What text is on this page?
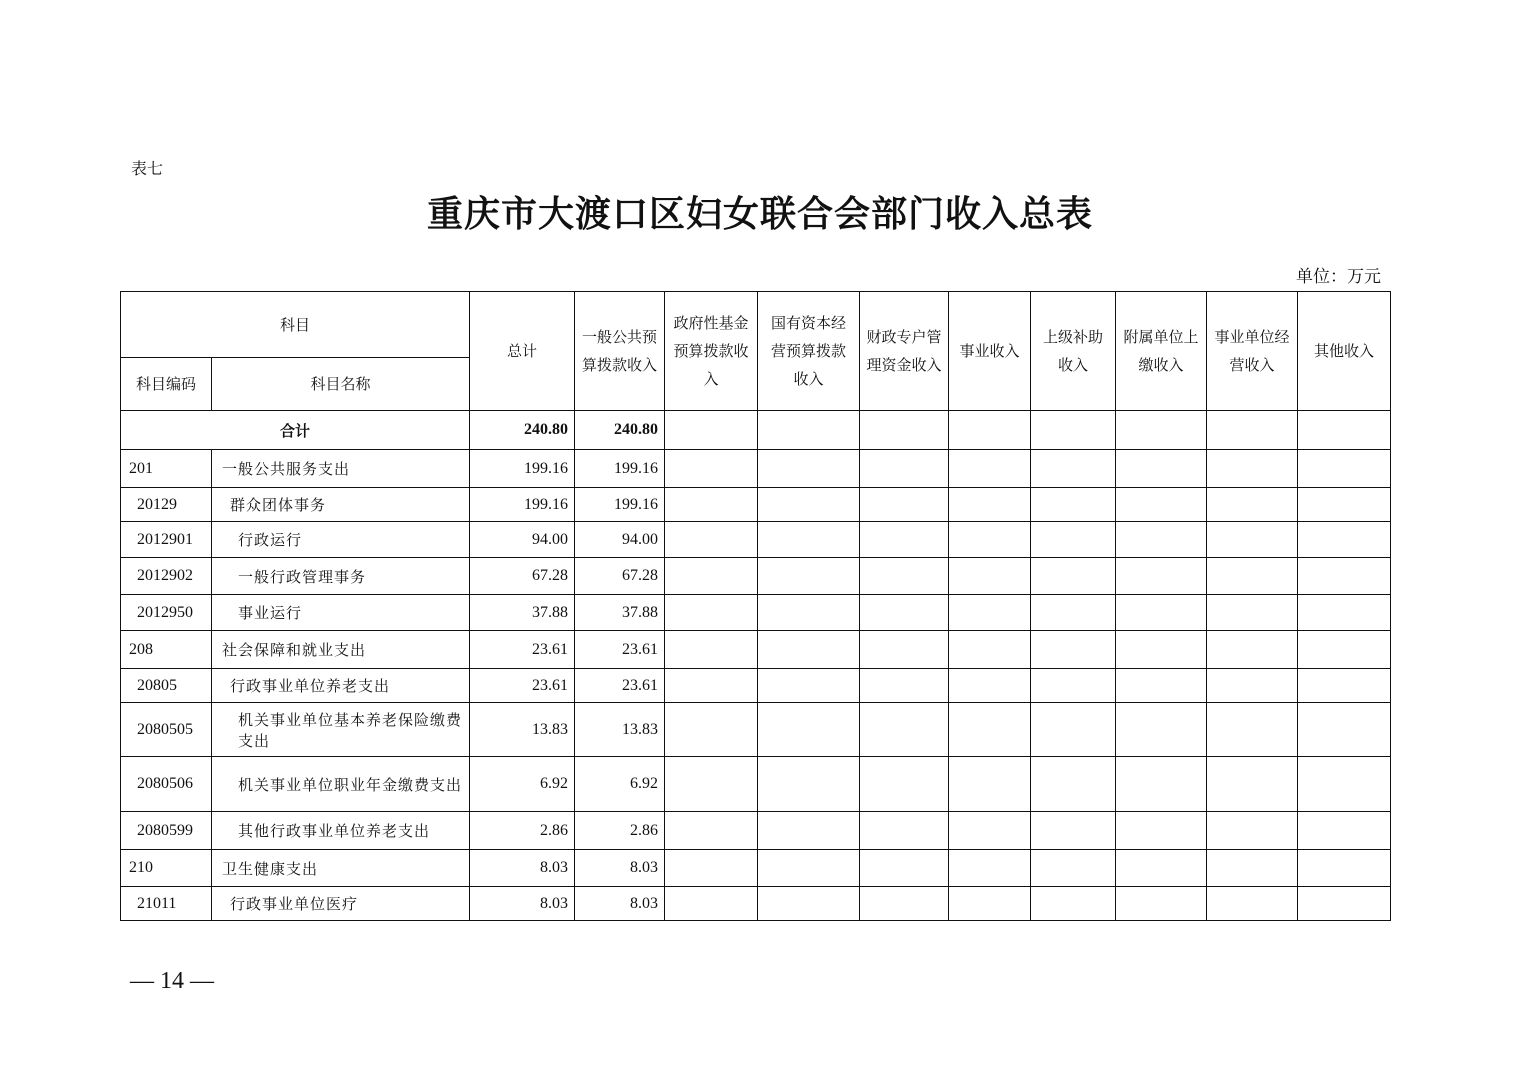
表七
重庆市大渡口区妇女联合会部门收入总表
单位：万元
科目		总计	一般公共预算拨款收入	政府性基金预算拨款收入	国有资本经营预算拨款收入	财政专户管理资金收入	事业收入	上级补助收入	附属单位上缴收入	事业单位经营收入	其他收入
科目编码	科目名称										
合计		240.80	240.80								
201	一般公共服务支出	199.16	199.16								
20129	群众团体事务	199.16	199.16								
2012901	行政运行	94.00	94.00								
2012902	一般行政管理事务	67.28	67.28								
2012950	事业运行	37.88	37.88								
208	社会保障和就业支出	23.61	23.61								
20805	行政事业单位养老支出	23.61	23.61								
2080505	机关事业单位基本养老保险缴费支出	13.83	13.83								
2080506	机关事业单位职业年金缴费支出	6.92	6.92								
2080599	其他行政事业单位养老支出	2.86	2.86								
210	卫生健康支出	8.03	8.03								
21011	行政事业单位医疗	8.03	8.03								
— 14 —
